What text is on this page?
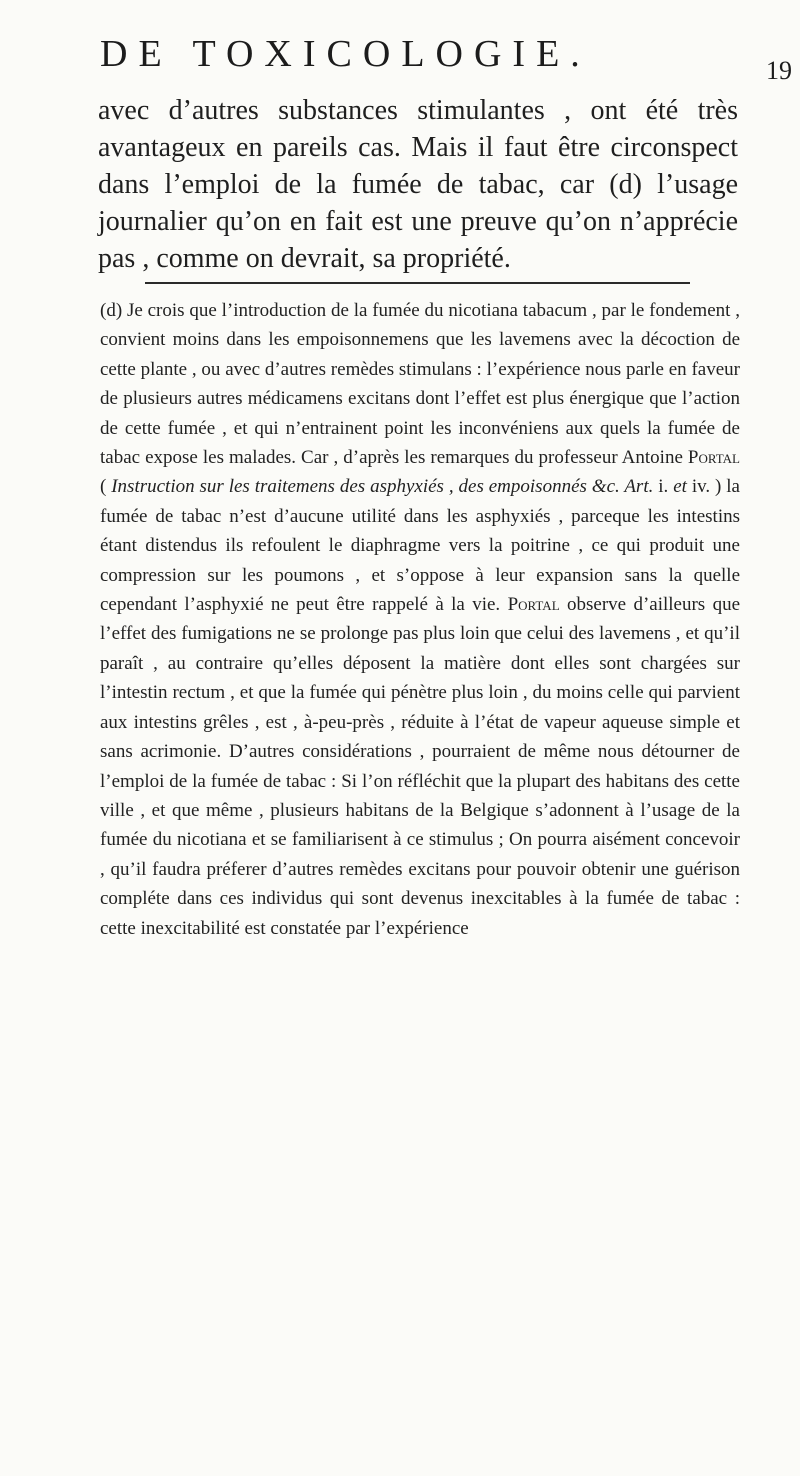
DE TOXICOLOGIE.	19

avec d’autres substances stimulantes , ont été très avantageux en pareils cas. Mais il faut être circonspect dans l’emploi de la fumée de tabac, car (d) l’usage journalier qu’on en fait est une preuve qu’on n’apprécie pas , comme on devrait, sa propriété.

(d) Je crois que l’introduction de la fumée du nicotiana tabacum , par le fondement , convient moins dans les empoisonnemens que les lavemens avec la décoction de cette plante , ou avec d’autres remèdes stimulans : l’expérience nous parle en faveur de plusieurs autres médicamens excitans dont l’effet est plus énergique que l’action de cette fumée , et qui n’entrainent point les inconvéniens aux quels la fumée de tabac expose les malades. Car , d’après les remarques du professeur Antoine Portal ( Instruction sur les traitemens des asphyxiés , des empoisonnés &c. Art. i. et iv. ) la fumée de tabac n’est d’aucune utilité dans les asphyxiés , parceque les intestins étant distendus ils refoulent le diaphragme vers la poitrine , ce qui produit une compression sur les poumons , et s’oppose à leur expansion sans la quelle cependant l’asphyxié ne peut être rappelé à la vie. Portal observe d’ailleurs que l’effet des fumigations ne se prolonge pas plus loin que celui des lavemens , et qu’il paraît , au contraire qu’elles déposent la matière dont elles sont chargées sur l’intestin rectum , et que la fumée qui pénètre plus loin , du moins celle qui parvient aux intestins grêles , est , à-peu-près , réduite à l’état de vapeur aqueuse simple et sans acrimonie. D’autres considérations , pourraient de même nous détourner de l’emploi de la fumée de tabac : Si l’on réfléchit que la plupart des habitans des cette ville , et que même , plusieurs habitans de la Belgique s’adonnent à l’usage de la fumée du nicotiana et se familiarisent à ce stimulus ; On pourra aisément concevoir , qu’il faudra préferer d’autres remèdes excitans pour pouvoir obtenir une guérison compléte dans ces individus qui sont devenus inexcitables à la fumée de tabac : cette inexcitabilité est constatée par l’expérience
